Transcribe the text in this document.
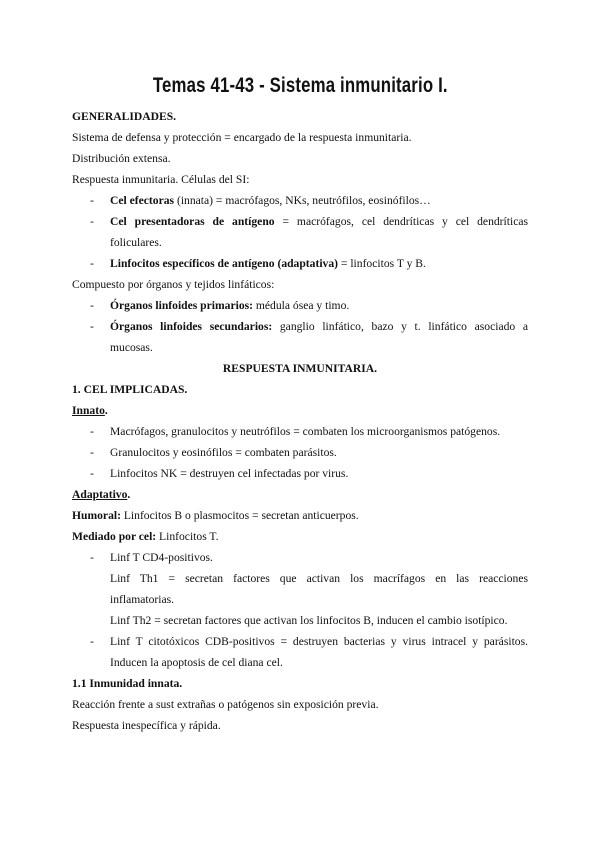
Temas 41-43 - Sistema inmunitario I.
GENERALIDADES.
Sistema de defensa y protección = encargado de la respuesta inmunitaria.
Distribución extensa.
Respuesta inmunitaria. Células del SI:
- Cel efectoras (innata) = macrófagos, NKs, neutrófilos, eosinófilos…
- Cel presentadoras de antígeno = macrófagos, cel dendríticas y cel dendríticas
foliculares.
- Linfocitos específicos de antígeno (adaptativa) = linfocitos T y B.
Compuesto por órganos y tejidos linfáticos:
- Órganos linfoides primarios: médula ósea y timo.
- Órganos linfoides secundarios: ganglio linfático, bazo y t. linfático asociado a
mucosas.
RESPUESTA INMUNITARIA.
1. CEL IMPLICADAS.
Innato.
- Macrófagos, granulocitos y neutrófilos = combaten los microorganismos patógenos.
- Granulocitos y eosinófilos = combaten parásitos.
- Linfocitos NK = destruyen cel infectadas por virus.
Adaptativo.
Humoral: Linfocitos B o plasmocitos = secretan anticuerpos.
Mediado por cel: Linfocitos T.
- Linf T CD4-positivos.
Linf Th1 = secretan factores que activan los macrífagos en las reacciones
inflamatorias.
Linf Th2 = secretan factores que activan los linfocitos B, inducen el cambio isotípico.
- Linf T citotóxicos CDB-positivos = destruyen bacterias y virus intracel y parásitos.
Inducen la apoptosis de cel diana cel.
1.1 Inmunidad innata.
Reacción frente a sust extrañas o patógenos sin exposición previa.
Respuesta inespecífica y rápida.
